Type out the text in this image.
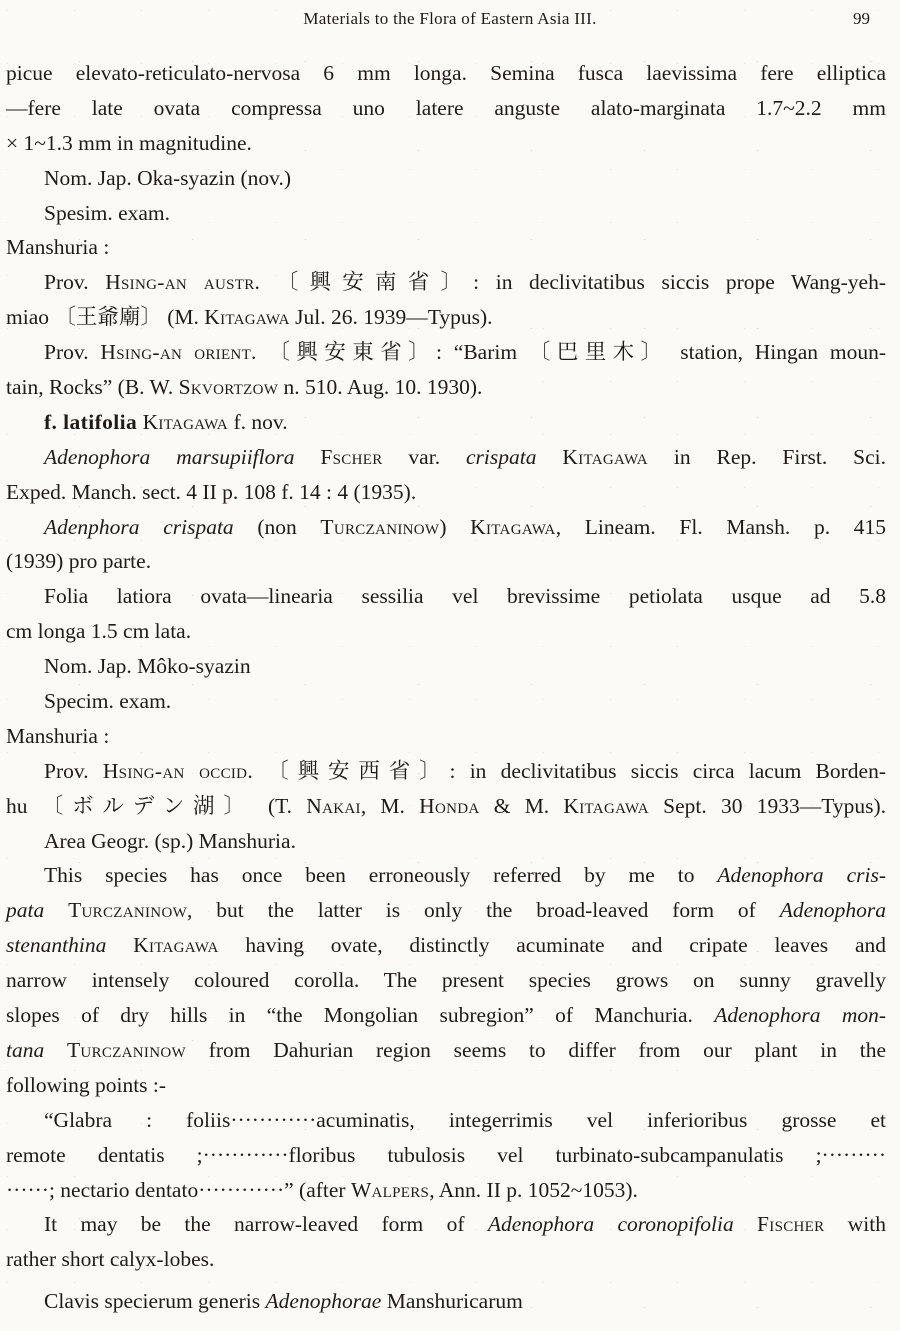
Materials to the Flora of Eastern Asia III.	99
picue elevato-reticulato-nervosa 6 mm longa. Semina fusca laevissima fere elliptica
—fere late ovata compressa uno latere anguste alato-marginata 1.7~2.2 mm
× 1~1.3 mm in magnitudine.
Nom. Jap. Oka-syazin (nov.)
Spesim. exam.
Manshuria :
Prov. Hsing-an austr. 〔興安南省〕: in declivitatibus siccis prope Wang-yeh-
miao 〔王爺廟〕 (M. Kitagawa Jul. 26. 1939—Typus).
Prov. Hsing-an orient. 〔興安東省〕: “Barim 〔巴里木〕 station, Hingan moun-
tain, Rocks” (B. W. Skvortzow n. 510. Aug. 10. 1930).
f. latifolia Kitagawa f. nov.
Adenophora marsupiiflora Fscher var. crispata Kitagawa in Rep. First. Sci.
Exped. Manch. sect. 4 II p. 108 f. 14 : 4 (1935).
Adenphora crispata (non Turczaninow) Kitagawa, Lineam. Fl. Mansh. p. 415
(1939) pro parte.
Folia latiora ovata—linearia sessilia vel brevissime petiolata usque ad 5.8
cm longa 1.5 cm lata.
Nom. Jap. Môko-syazin
Specim. exam.
Manshuria :
Prov. Hsing-an occid. 〔興安西省〕: in declivitatibus siccis circa lacum Borden-
hu 〔ボルデン湖〕 (T. Nakai, M. Honda & M. Kitagawa Sept. 30 1933—Typus).
Area Geogr. (sp.) Manshuria.
This species has once been erroneously referred by me to Adenophora cris-
pata Turczaninow, but the latter is only the broad-leaved form of Adenophora
stenanthina Kitagawa having ovate, distinctly acuminate and cripate leaves and
narrow intensely coloured corolla. The present species grows on sunny gravelly
slopes of dry hills in “the Mongolian subregion” of Manchuria. Adenophora mon-
tana Turczaninow from Dahurian region seems to differ from our plant in the
following points :-
“Glabra : foliis············acuminatis, integerrimis vel inferioribus grosse et
remote dentatis ;············floribus tubulosis vel turbinato-subcampanulatis ;·········
······; nectario dentato············” (after Walpers, Ann. II p. 1052~1053).
It may be the narrow-leaved form of Adenophora coronopifolia Fischer with
rather short calyx-lobes.
Clavis specierum generis Adenophorae Manshuricarum
